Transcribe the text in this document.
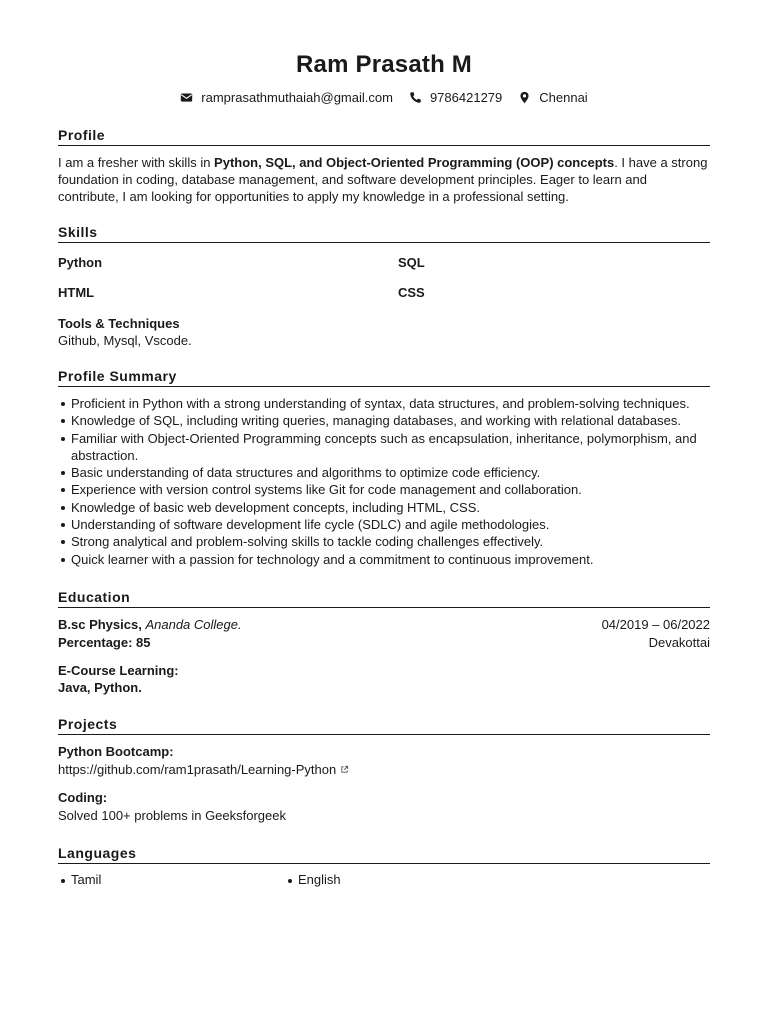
Ram Prasath M
ramprasathmuthaiah@gmail.com	9786421279	Chennai
Profile
I am a fresher with skills in Python, SQL, and Object-Oriented Programming (OOP) concepts. I have a strong foundation in coding, database management, and software development principles. Eager to learn and contribute, I am looking for opportunities to apply my knowledge in a professional setting.
Skills
Python	SQL
HTML	CSS
Tools & Techniques
Github, Mysql, Vscode.
Profile Summary
Proficient in Python with a strong understanding of syntax, data structures, and problem-solving techniques.
Knowledge of SQL, including writing queries, managing databases, and working with relational databases.
Familiar with Object-Oriented Programming concepts such as encapsulation, inheritance, polymorphism, and abstraction.
Basic understanding of data structures and algorithms to optimize code efficiency.
Experience with version control systems like Git for code management and collaboration.
Knowledge of basic web development concepts, including HTML, CSS.
Understanding of software development life cycle (SDLC) and agile methodologies.
Strong analytical and problem-solving skills to tackle coding challenges effectively.
Quick learner with a passion for technology and a commitment to continuous improvement.
Education
B.sc Physics, Ananda College.	04/2019 – 06/2022
Percentage: 85	Devakottai
E-Course Learning:
Java, Python.
Projects
Python Bootcamp:
https://github.com/ram1prasath/Learning-Python
Coding:
Solved 100+ problems in Geeksforgeek
Languages
Tamil	English
